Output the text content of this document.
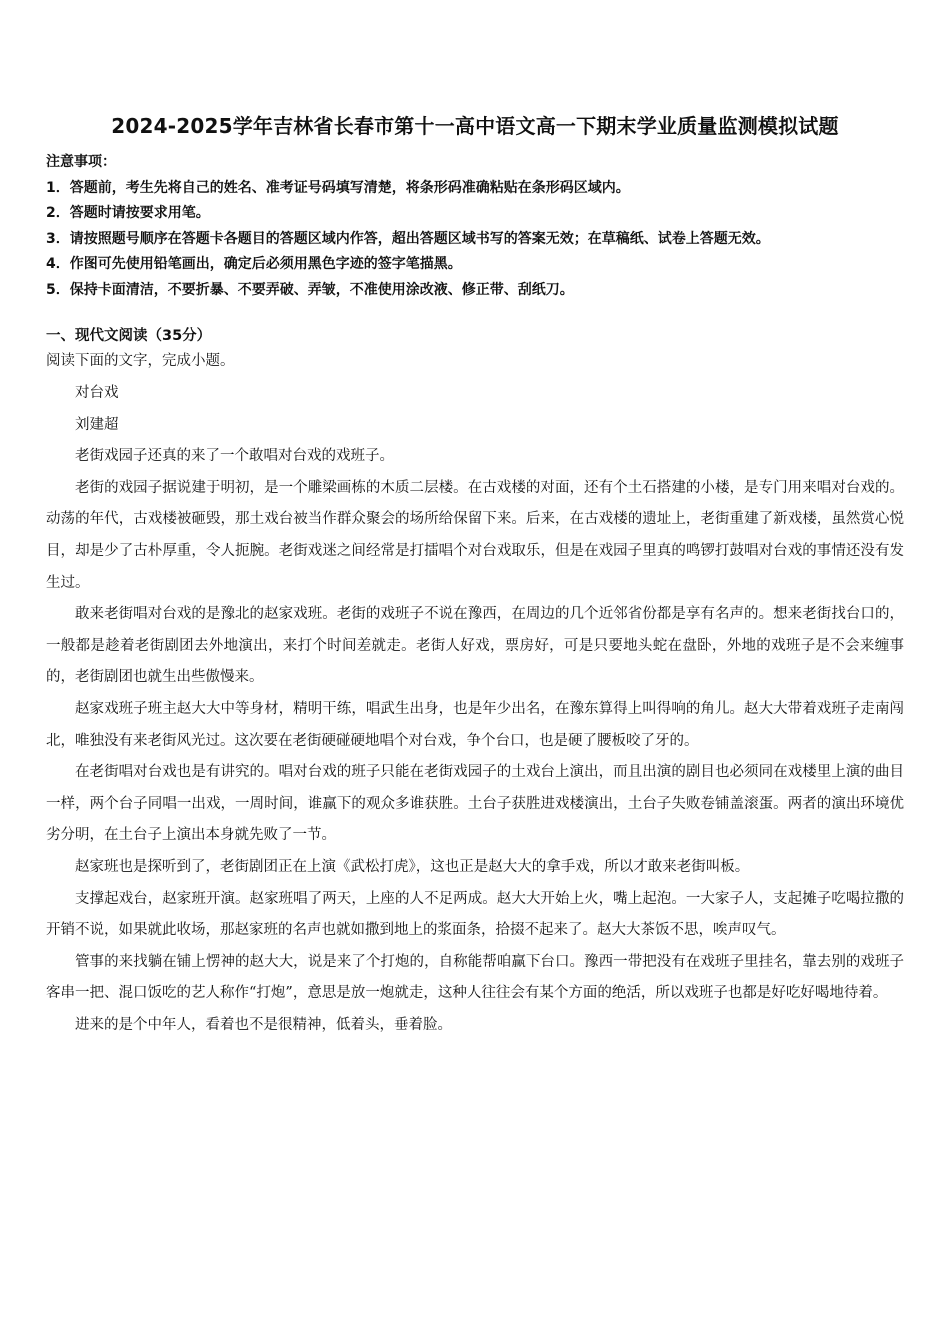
2024-2025学年吉林省长春市第十一高中语文高一下期末学业质量监测模拟试题
注意事项：
1．答题前，考生先将自己的姓名、准考证号码填写清楚，将条形码准确粘贴在条形码区域内。
2．答题时请按要求用笔。
3．请按照题号顺序在答题卡各题目的答题区域内作答，超出答题区域书写的答案无效；在草稿纸、试卷上答题无效。
4．作图可先使用铅笔画出，确定后必须用黑色字迹的签字笔描黑。
5．保持卡面清洁，不要折暴、不要弄破、弄皱，不准使用涂改液、修正带、刮纸刀。
一、现代文阅读（35分）
阅读下面的文字，完成小题。

对台戏

刘建超

老街戏园子还真的来了一个敢唱对台戏的戏班子。

老街的戏园子据说建于明初，是一个雕梁画栋的木质二层楼。在古戏楼的对面，还有个土石搭建的小楼，是专门用来唱对台戏的。动荡的年代，古戏楼被砸毁，那土戏台被当作群众聚会的场所给保留下来。后来，在古戏楼的遗址上，老街重建了新戏楼，虽然赏心悦目，却是少了古朴厚重，令人扼腕。老街戏迷之间经常是打擂唱个对台戏取乐，但是在戏园子里真的鸣锣打鼓唱对台戏的事情还没有发生过。

敢来老街唱对台戏的是豫北的赵家戏班。老街的戏班子不说在豫西，在周边的几个近邻省份都是享有名声的。想来老街找台口的，一般都是趁着老街剧团去外地演出，来打个时间差就走。老街人好戏，票房好，可是只要地头蛇在盘卧，外地的戏班子是不会来缠事的，老街剧团也就生出些傲慢来。

赵家戏班子班主赵大大中等身材，精明干练，唱武生出身，也是年少出名，在豫东算得上叫得响的角儿。赵大大带着戏班子走南闯北，唯独没有来老街风光过。这次要在老街硬碰硬地唱个对台戏，争个台口，也是硬了腰板咬了牙的。

在老街唱对台戏也是有讲究的。唱对台戏的班子只能在老街戏园子的土戏台上演出，而且出演的剧目也必须同在戏楼里上演的曲目一样，两个台子同唱一出戏，一周时间，谁赢下的观众多谁获胜。土台子获胜进戏楼演出，土台子失败卷铺盖滚蛋。两者的演出环境优劣分明，在土台子上演出本身就先败了一节。

赵家班也是探听到了，老街剧团正在上演《武松打虎》，这也正是赵大大的拿手戏，所以才敢来老街叫板。

支撑起戏台，赵家班开演。赵家班唱了两天，上座的人不足两成。赵大大开始上火，嘴上起泡。一大家子人，支起摊子吃喝拉撒的开销不说，如果就此收场，那赵家班的名声也就如撒到地上的浆面条，拾掇不起来了。赵大大茶饭不思，唉声叹气。

管事的来找躺在铺上愣神的赵大大，说是来了个打炮的，自称能帮咱赢下台口。豫西一带把没有在戏班子里挂名，靠去别的戏班子客串一把、混口饭吃的艺人称作“打炮”，意思是放一炮就走，这种人往往会有某个方面的绝活，所以戏班子也都是好吃好喝地待着。

进来的是个中年人，看着也不是很精神，低着头，垂着脸。
